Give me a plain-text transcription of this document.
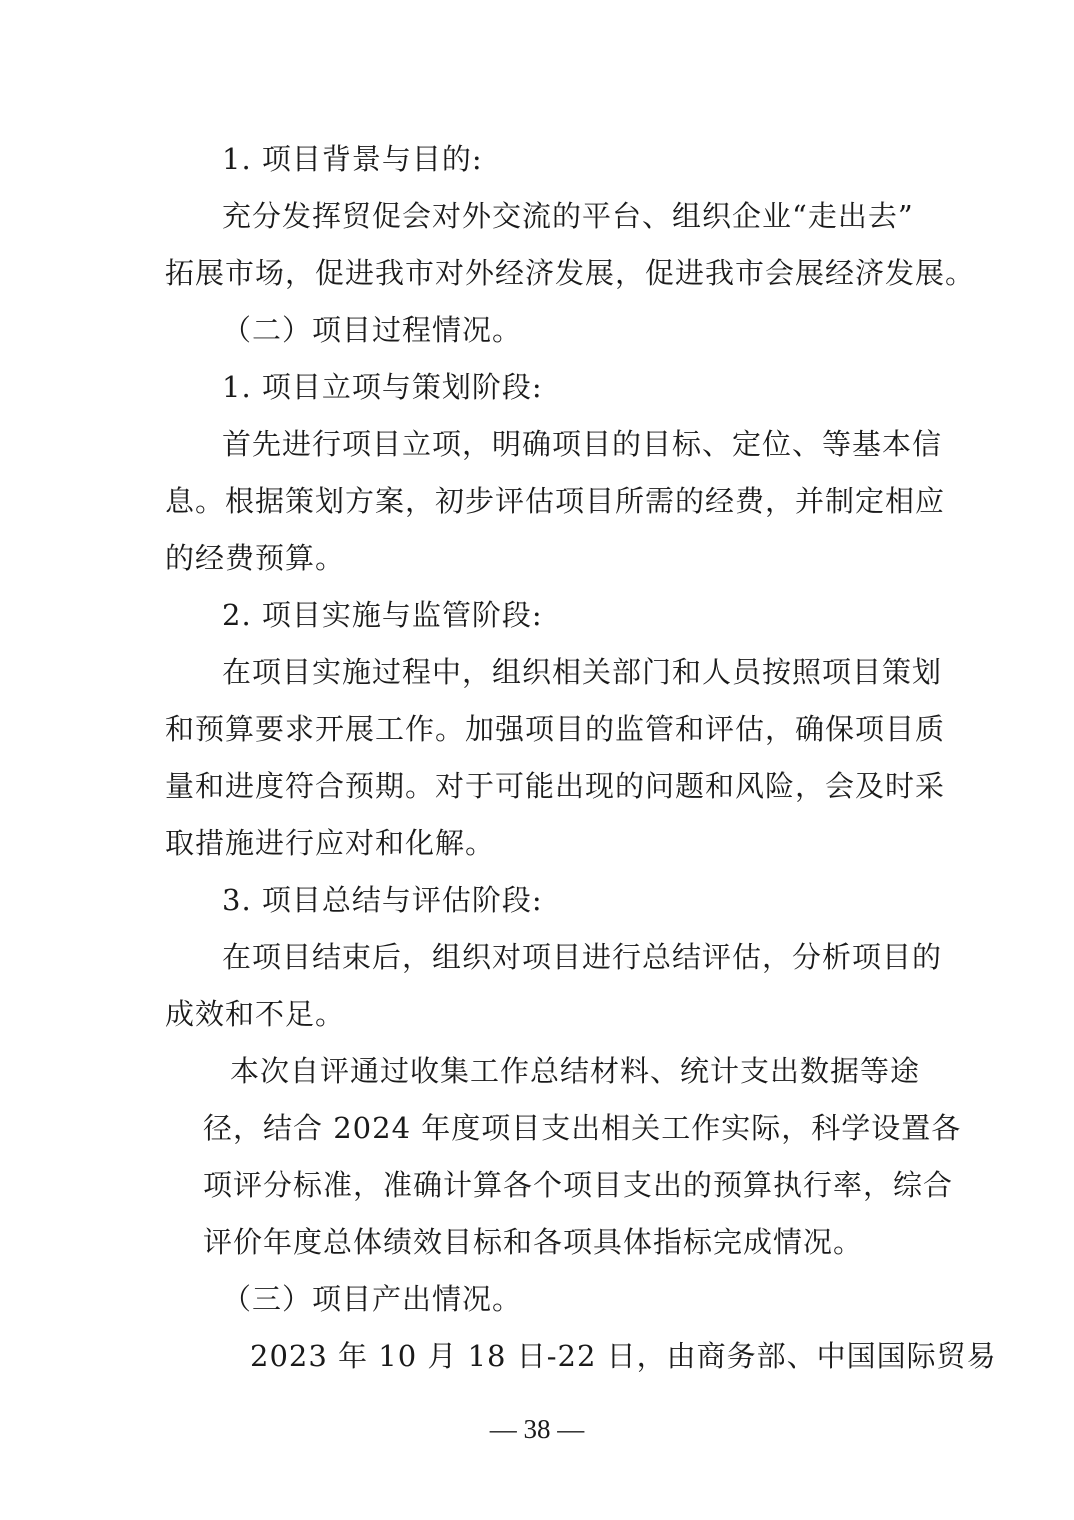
1. 项目背景与目的:
充分发挥贸促会对外交流的平台、组织企业“走出去”
拓展市场，促进我市对外经济发展，促进我市会展经济发展。
（二）项目过程情况。
1. 项目立项与策划阶段:
首先进行项目立项，明确项目的目标、定位、等基本信
息。根据策划方案，初步评估项目所需的经费，并制定相应
的经费预算。
2. 项目实施与监管阶段:
在项目实施过程中，组织相关部门和人员按照项目策划
和预算要求开展工作。加强项目的监管和评估，确保项目质
量和进度符合预期。对于可能出现的问题和风险，会及时采
取措施进行应对和化解。
3. 项目总结与评估阶段:
在项目结束后，组织对项目进行总结评估，分析项目的
成效和不足。
本次自评通过收集工作总结材料、统计支出数据等途
径，结合 2024 年度项目支出相关工作实际，科学设置各
项评分标准，准确计算各个项目支出的预算执行率，综合
评价年度总体绩效目标和各项具体指标完成情况。
（三）项目产出情况。
2023 年 10 月 18 日-22 日，由商务部、中国国际贸易
— 38 —
